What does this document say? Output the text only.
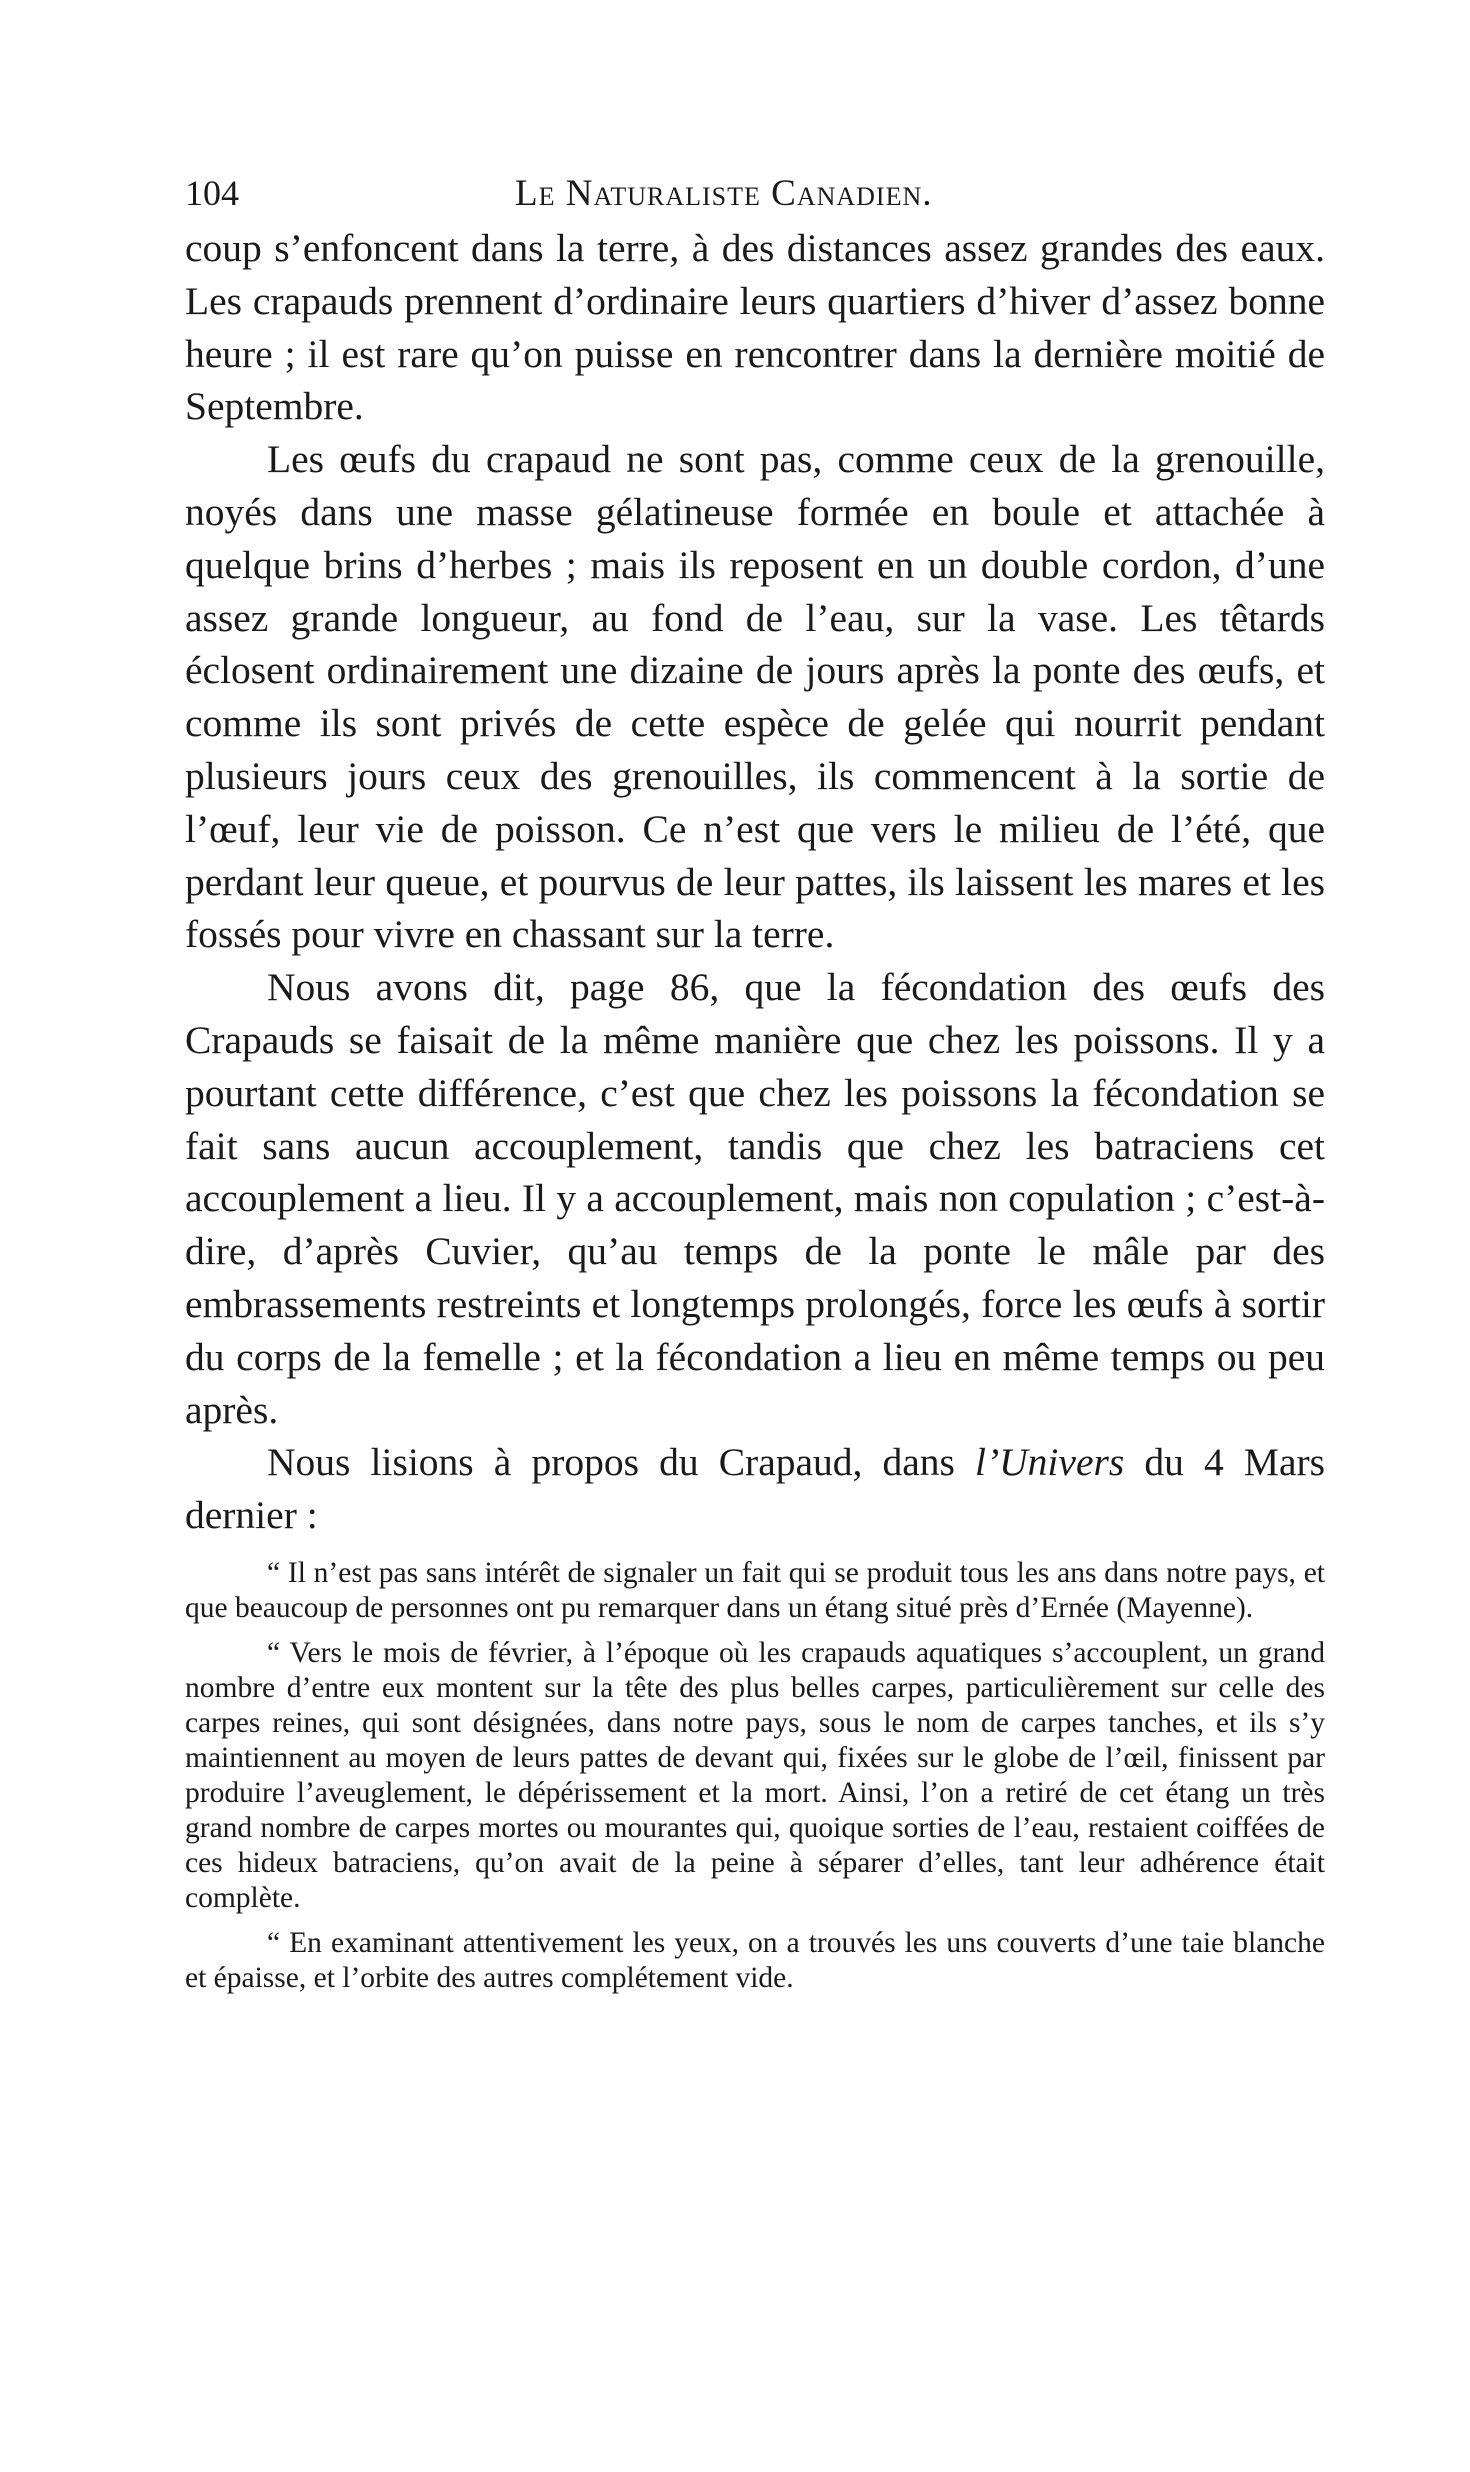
104	Le Naturaliste Canadien.

coup s’enfoncent dans la terre, à des distances assez grandes des eaux. Les crapauds prennent d’ordinaire leurs quartiers d’hiver d’assez bonne heure ; il est rare qu’on puisse en rencontrer dans la dernière moitié de Septembre.

Les œufs du crapaud ne sont pas, comme ceux de la grenouille, noyés dans une masse gélatineuse formée en boule et attachée à quelque brins d’herbes ; mais ils reposent en un double cordon, d’une assez grande longueur, au fond de l’eau, sur la vase. Les têtards éclosent ordinairement une dizaine de jours après la ponte des œufs, et comme ils sont privés de cette espèce de gelée qui nourrit pendant plusieurs jours ceux des grenouilles, ils commencent à la sortie de l’œuf, leur vie de poisson. Ce n’est que vers le milieu de l’été, que perdant leur queue, et pourvus de leur pattes, ils laissent les mares et les fossés pour vivre en chassant sur la terre.

Nous avons dit, page 86, que la fécondation des œufs des Crapauds se faisait de la même manière que chez les poissons. Il y a pourtant cette différence, c’est que chez les poissons la fécondation se fait sans aucun accouplement, tandis que chez les batraciens cet accouplement a lieu. Il y a accouplement, mais non copulation ; c’est-à-dire, d’après Cuvier, qu’au temps de la ponte le mâle par des embrassements restreints et longtemps prolongés, force les œufs à sortir du corps de la femelle ; et la fécondation a lieu en même temps ou peu après.

Nous lisions à propos du Crapaud, dans l’Univers du 4 Mars dernier :

“ Il n’est pas sans intérêt de signaler un fait qui se produit tous les ans dans notre pays, et que beaucoup de personnes ont pu remarquer dans un étang situé près d’Ernée (Mayenne).

“ Vers le mois de février, à l’époque où les crapauds aquatiques s’accouplent, un grand nombre d’entre eux montent sur la tête des plus belles carpes, particulièrement sur celle des carpes reines, qui sont désignées, dans notre pays, sous le nom de carpes tanches, et ils s’y maintiennent au moyen de leurs pattes de devant qui, fixées sur le globe de l’œil, finissent par produire l’aveuglement, le dépérissement et la mort. Ainsi, l’on a retiré de cet étang un très grand nombre de carpes mortes ou mourantes qui, quoique sorties de l’eau, restaient coiffées de ces hideux batraciens, qu’on avait de la peine à séparer d’elles, tant leur adhérence était complète.

“ En examinant attentivement les yeux, on a trouvés les uns couverts d’une taie blanche et épaisse, et l’orbite des autres complétement vide.
